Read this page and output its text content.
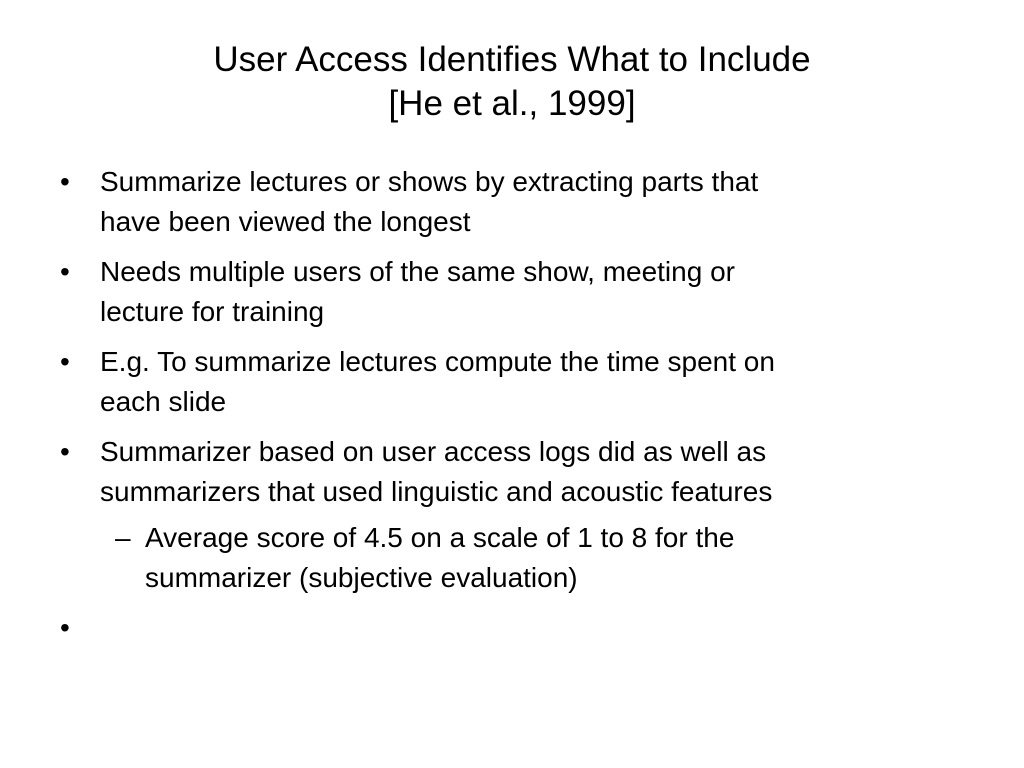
User Access Identifies What to Include
[He et al., 1999]
•	Summarize lectures or shows by extracting parts that
have been viewed the longest
•	Needs multiple users of the same show, meeting or
lecture for training
•	E.g. To summarize lectures compute the time spent on
each slide
•	Summarizer based on user access logs did as well as
summarizers that used linguistic and acoustic features
– Average score of 4.5 on a scale of 1 to 8 for the
summarizer (subjective evaluation)
•
